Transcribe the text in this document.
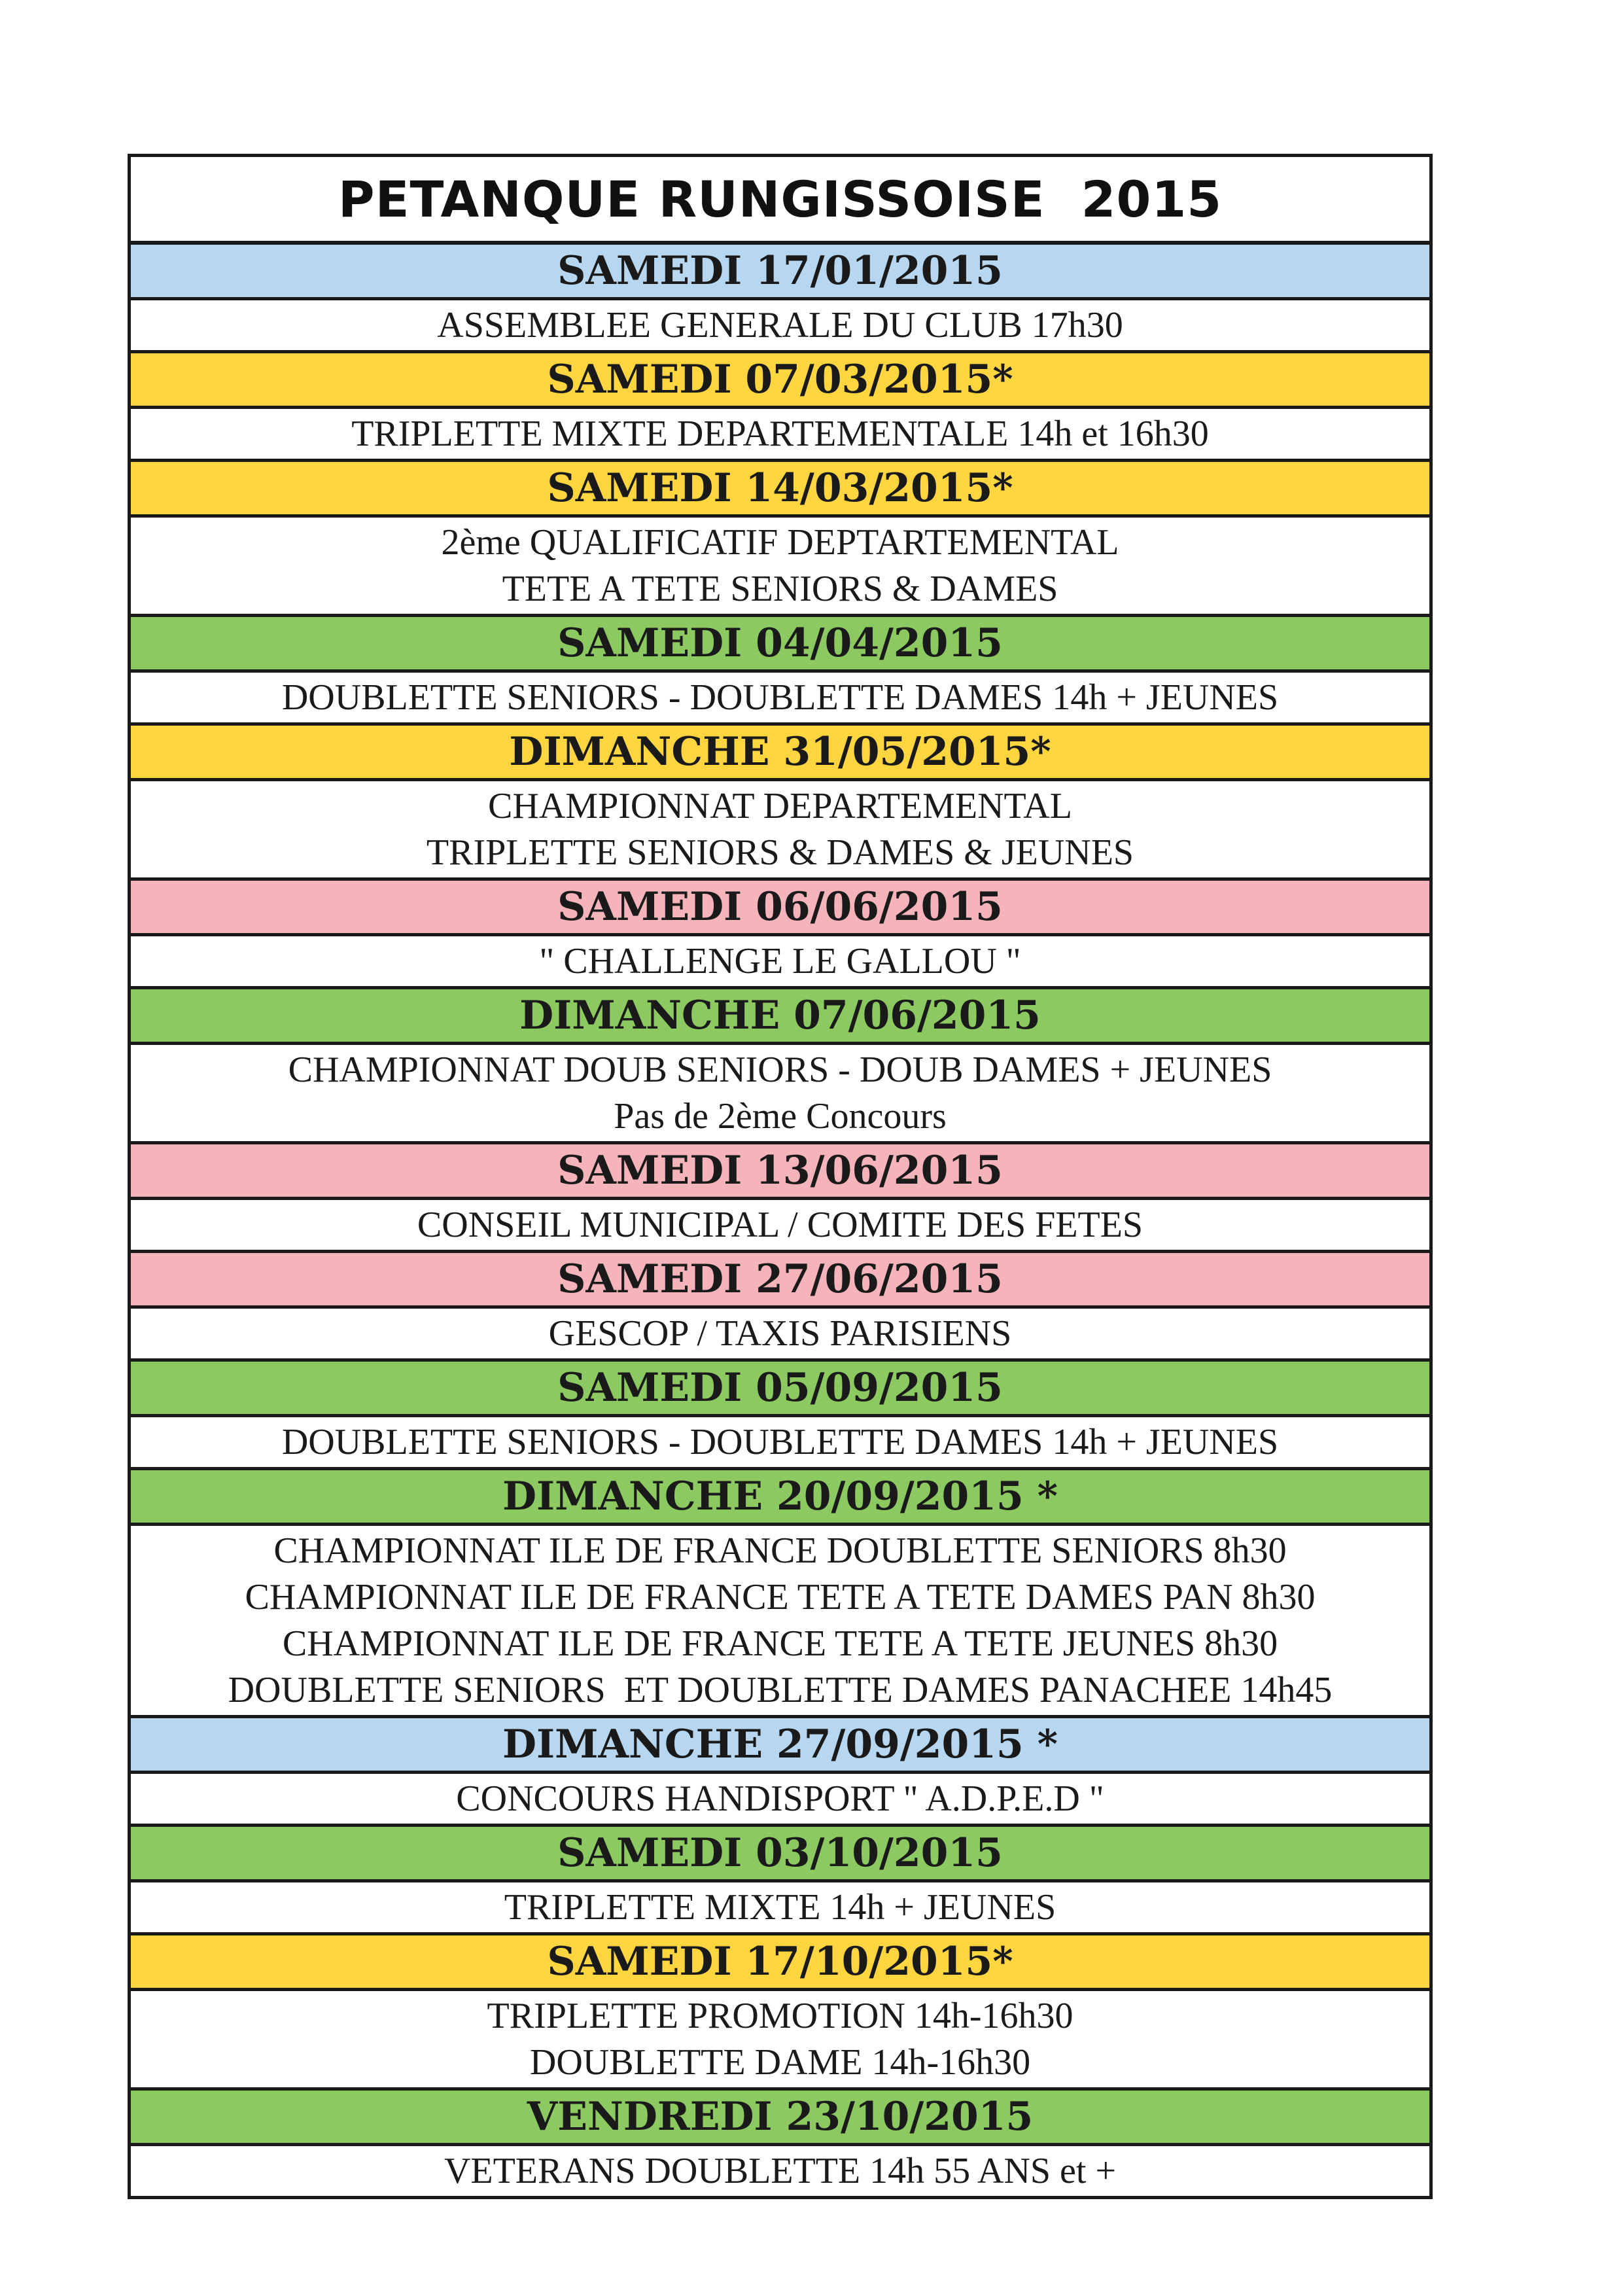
PETANQUE RUNGISSOISE  2015
SAMEDI 17/01/2015
ASSEMBLEE GENERALE DU CLUB 17h30
SAMEDI 07/03/2015*
TRIPLETTE MIXTE DEPARTEMENTALE 14h et 16h30
SAMEDI 14/03/2015*
2ème QUALIFICATIF DEPTARTEMENTAL
TETE A TETE SENIORS & DAMES
SAMEDI 04/04/2015
DOUBLETTE SENIORS - DOUBLETTE DAMES 14h + JEUNES
DIMANCHE 31/05/2015*
CHAMPIONNAT DEPARTEMENTAL
TRIPLETTE SENIORS & DAMES & JEUNES
SAMEDI 06/06/2015
" CHALLENGE LE GALLOU "
DIMANCHE 07/06/2015
CHAMPIONNAT DOUB SENIORS - DOUB DAMES + JEUNES
Pas de 2ème Concours
SAMEDI 13/06/2015
CONSEIL MUNICIPAL / COMITE DES FETES
SAMEDI 27/06/2015
GESCOP / TAXIS PARISIENS
SAMEDI 05/09/2015
DOUBLETTE SENIORS - DOUBLETTE DAMES 14h + JEUNES
DIMANCHE 20/09/2015 *
CHAMPIONNAT ILE DE FRANCE DOUBLETTE SENIORS 8h30
CHAMPIONNAT ILE DE FRANCE TETE A TETE DAMES PAN 8h30
CHAMPIONNAT ILE DE FRANCE TETE A TETE JEUNES 8h30
DOUBLETTE SENIORS  ET DOUBLETTE DAMES PANACHEE 14h45
DIMANCHE 27/09/2015 *
CONCOURS HANDISPORT " A.D.P.E.D "
SAMEDI 03/10/2015
TRIPLETTE MIXTE 14h + JEUNES
SAMEDI 17/10/2015*
TRIPLETTE PROMOTION 14h-16h30
DOUBLETTE DAME 14h-16h30
VENDREDI 23/10/2015
VETERANS DOUBLETTE 14h 55 ANS et +
